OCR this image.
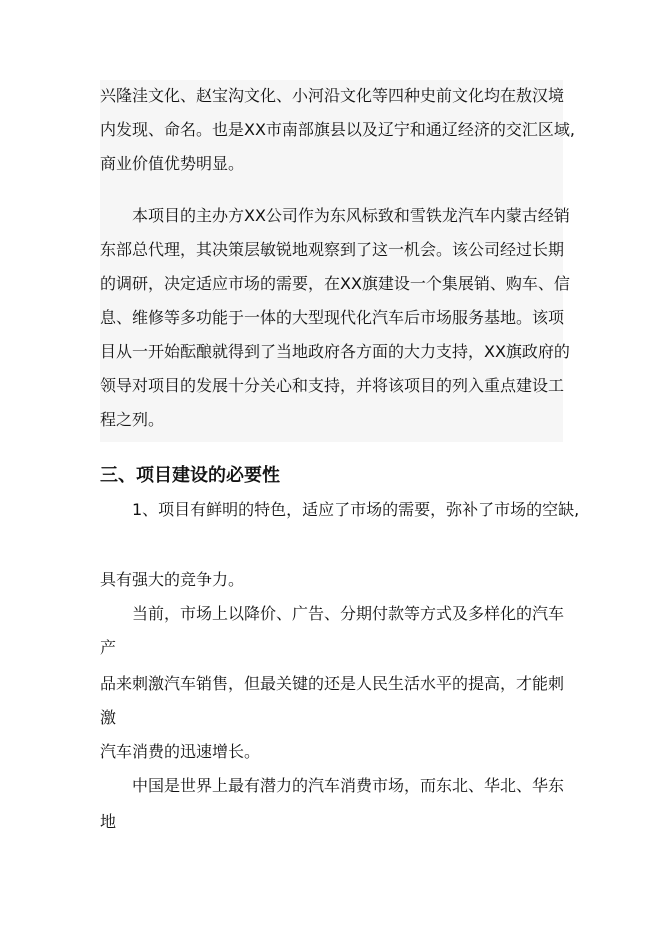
兴隆洼文化、赵宝沟文化、小河沿文化等四种史前文化均在敖汉境
内发现、命名。也是XX市南部旗县以及辽宁和通辽经济的交汇区域,
商业价值优势明显。
本项目的主办方XX公司作为东风标致和雪铁龙汽车内蒙古经销
东部总代理，其决策层敏锐地观察到了这一机会。该公司经过长期
的调研，决定适应市场的需要，在XX旗建设一个集展销、购车、信
息、维修等多功能于一体的大型现代化汽车后市场服务基地。该项
目从一开始酝酿就得到了当地政府各方面的大力支持，XX旗政府的
领导对项目的发展十分关心和支持，并将该项目的列入重点建设工
程之列。
三、项目建设的必要性
1、项目有鲜明的特色，适应了市场的需要，弥补了市场的空缺,
具有强大的竞争力。
当前，市场上以降价、广告、分期付款等方式及多样化的汽车
产
品来刺激汽车销售，但最关键的还是人民生活水平的提高，才能刺
激
汽车消费的迅速增长。
中国是世界上最有潜力的汽车消费市场，而东北、华北、华东
地
